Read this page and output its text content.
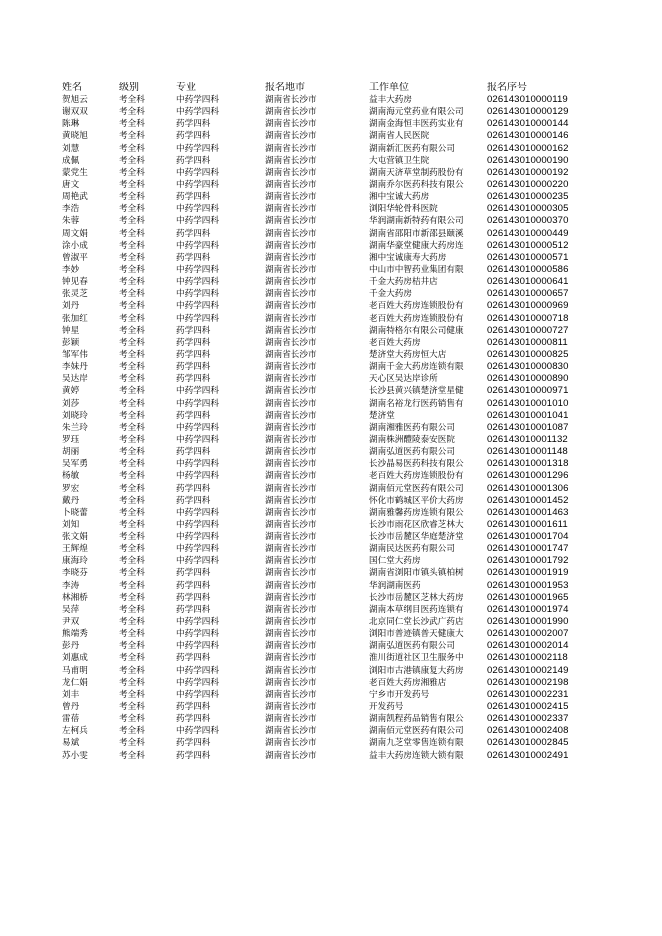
姓名	级别	专业	报名地市	工作单位	报名序号
贺旭云	考全科	中药学四科	湖南省长沙市	益丰大药房	026143010000119
谢双双	考全科	中药学四科	湖南省长沙市	湖南海元堂药业有限公司	026143010000129
陈琳	考全科	药学四科	湖南省长沙市	湖南金海恒丰医药实业有	026143010000144
黄晓旭	考全科	药学四科	湖南省长沙市	湖南省人民医院	026143010000146
刘慧	考全科	中药学四科	湖南省长沙市	湖南新汇医药有限公司	026143010000162
成佩	考全科	药学四科	湖南省长沙市	大屯营镇卫生院	026143010000190
蒙党生	考全科	中药学四科	湖南省长沙市	湖南天济草堂制药股份有	026143010000192
唐文	考全科	中药学四科	湖南省长沙市	湖南乔尔医药科技有限公	026143010000220
周艳武	考全科	药学四科	湖南省长沙市	湘中宝诚大药房	026143010000235
李浩	考全科	中药学四科	湖南省长沙市	浏阳华轮骨科医院	026143010000305
朱蓉	考全科	中药学四科	湖南省长沙市	华润湖南新特药有限公司	026143010000370
周文娟	考全科	药学四科	湖南省长沙市	湖南省邵阳市新邵县颐溪	026143010000449
涂小成	考全科	中药学四科	湖南省长沙市	湖南华豪堂健康大药房连	026143010000512
曾淑平	考全科	药学四科	湖南省长沙市	湘中宝诚康寿大药房	026143010000571
李妙	考全科	中药学四科	湖南省长沙市	中山市中智药业集团有限	026143010000586
钟见春	考全科	中药学四科	湖南省长沙市	千金大药房桔井店	026143010000641
张灵芝	考全科	中药学四科	湖南省长沙市	千金大药房	026143010000657
刘丹	考全科	中药学四科	湖南省长沙市	老百姓大药房连锁股份有	026143010000969
张加红	考全科	中药学四科	湖南省长沙市	老百姓大药房连锁股份有	026143010000718
钟星	考全科	药学四科	湖南省长沙市	湖南特格尔有限公司健康	026143010000727
彭颖	考全科	药学四科	湖南省长沙市	老百姓大药房	026143010000811
邹军伟	考全科	药学四科	湖南省长沙市	楚济堂大药房恒大店	026143010000825
李妹丹	考全科	药学四科	湖南省长沙市	湖南千金大药房连锁有限	026143010000830
吴达岸	考全科	药学四科	湖南省长沙市	天心区吴达岸诊所	026143010000890
黄婷	考全科	中药学四科	湖南省长沙市	长沙县黄兴镇楚济堂星健	026143010000971
刘莎	考全科	中药学四科	湖南省长沙市	湖南名裕龙行医药销售有	026143010001010
刘晓玲	考全科	药学四科	湖南省长沙市	楚济堂	026143010001041
朱兰玲	考全科	中药学四科	湖南省长沙市	湖南湘雅医药有限公司	026143010001087
罗珏	考全科	中药学四科	湖南省长沙市	湖南株洲醴陵泰安医院	026143010001132
胡丽	考全科	药学四科	湖南省长沙市	湖南弘道医药有限公司	026143010001148
吴军勇	考全科	中药学四科	湖南省长沙市	长沙晶易医药科技有限公	026143010001318
杨敏	考全科	中药学四科	湖南省长沙市	老百姓大药房连锁股份有	026143010001296
罗宏	考全科	药学四科	湖南省长沙市	湖南佰元堂医药有限公司	026143010001306
戴丹	考全科	药学四科	湖南省长沙市	怀化市鹤城区平价大药房	026143010001452
卜晓蕾	考全科	中药学四科	湖南省长沙市	湖南雅馨药房连锁有限公	026143010001463
刘知	考全科	中药学四科	湖南省长沙市	长沙市雨花区欣睿芝林大	026143010001611
张文娟	考全科	中药学四科	湖南省长沙市	长沙市岳麓区华庭楚济堂	026143010001704
王辉煌	考全科	中药学四科	湖南省长沙市	湖南民达医药有限公司	026143010001747
康海玲	考全科	中药学四科	湖南省长沙市	国仁堂大药房	026143010001792
李晓芬	考全科	药学四科	湖南省长沙市	湖南省浏阳市镇头镇柏树	026143010001919
李涛	考全科	药学四科	湖南省长沙市	华润湖南医药	026143010001953
林湘桥	考全科	药学四科	湖南省长沙市	长沙市岳麓区芝林大药房	026143010001965
吴萍	考全科	药学四科	湖南省长沙市	湖南本草纲目医药连锁有	026143010001974
尹双	考全科	中药学四科	湖南省长沙市	北京同仁堂长沙武广药店	026143010001990
熊端秀	考全科	中药学四科	湖南省长沙市	浏阳市普迹镇普天健康大	026143010002007
彭丹	考全科	中药学四科	湖南省长沙市	湖南弘道医药有限公司	026143010002014
刘惠成	考全科	药学四科	湖南省长沙市	淮川街道社区卫生服务中	026143010002118
马甫明	考全科	中药学四科	湖南省长沙市	浏阳市古港镇康复大药房	026143010002149
龙仁娟	考全科	中药学四科	湖南省长沙市	老百姓大药房湘雅店	026143010002198
刘丰	考全科	中药学四科	湖南省长沙市	宁乡市开发药号	026143010002231
曾丹	考全科	药学四科	湖南省长沙市	开发药号	026143010002415
雷蓓	考全科	药学四科	湖南省长沙市	湖南凯程药品销售有限公	026143010002337
左柯兵	考全科	中药学四科	湖南省长沙市	湖南佰元堂医药有限公司	026143010002408
易斌	考全科	药学四科	湖南省长沙市	湖南九芝堂零售连锁有限	026143010002845
苏小雯	考全科	药学四科	湖南省长沙市	益丰大药房连锁大锁有限	026143010002491
